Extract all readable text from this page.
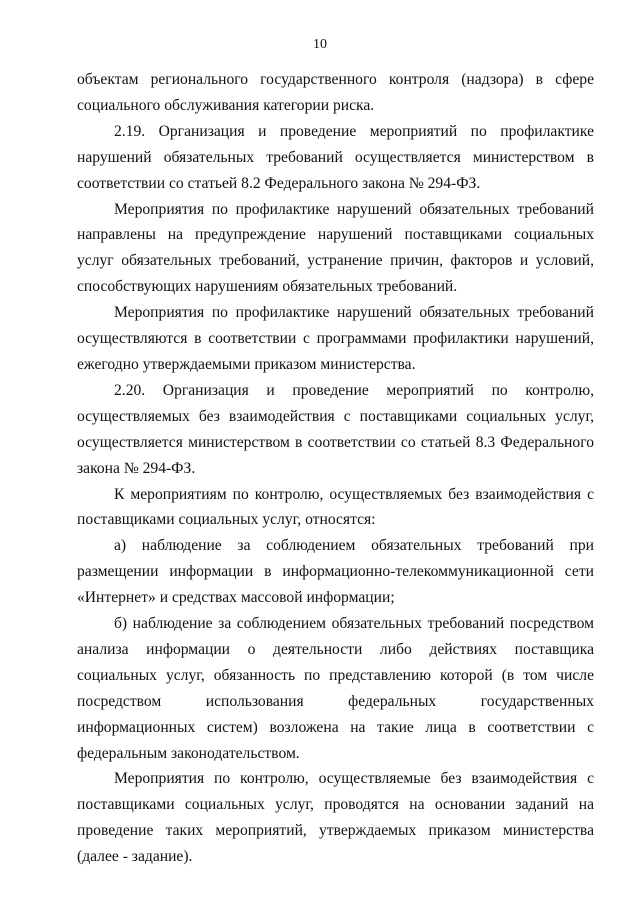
10

объектам регионального государственного контроля (надзора) в сфере социального обслуживания категории риска.

2.19. Организация и проведение мероприятий по профилактике нарушений обязательных требований осуществляется министерством в соответствии со статьей 8.2 Федерального закона № 294-ФЗ.

Мероприятия по профилактике нарушений обязательных требований направлены на предупреждение нарушений поставщиками социальных услуг обязательных требований, устранение причин, факторов и условий, способствующих нарушениям обязательных требований.

Мероприятия по профилактике нарушений обязательных требований осуществляются в соответствии с программами профилактики нарушений, ежегодно утверждаемыми приказом министерства.

2.20. Организация и проведение мероприятий по контролю, осуществляемых без взаимодействия с поставщиками социальных услуг, осуществляется министерством в соответствии со статьей 8.3 Федерального закона № 294-ФЗ.

К мероприятиям по контролю, осуществляемых без взаимодействия с поставщиками социальных услуг, относятся:

а) наблюдение за соблюдением обязательных требований при размещении информации в информационно-телекоммуникационной сети «Интернет» и средствах массовой информации;

б) наблюдение за соблюдением обязательных требований посредством анализа информации о деятельности либо действиях поставщика социальных услуг, обязанность по представлению которой (в том числе посредством использования федеральных государственных информационных систем) возложена на такие лица в соответствии с федеральным законодательством.

Мероприятия по контролю, осуществляемые без взаимодействия с поставщиками социальных услуг, проводятся на основании заданий на проведение таких мероприятий, утверждаемых приказом министерства (далее - задание).
